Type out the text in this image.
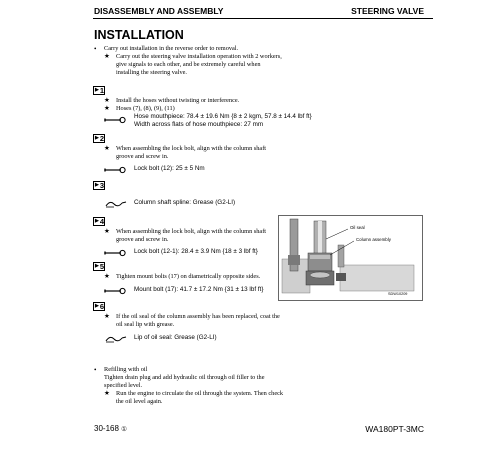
DISASSEMBLY AND ASSEMBLY	STEERING VALVE
INSTALLATION
• Carry out installation in the reverse order to removal.
★ Carry out the steering valve installation operation with 2 workers,
give signals to each other, and be extremely careful when
installing the steering valve.
▶ 1
★ Install the hoses without twisting or interference.
★ Hoses (7), (8), (9), (11)
Hose mouthpiece: 78.4 ± 19.6 Nm {8 ± 2 kgm, 57.8 ± 14.4 lbf ft}
Width across flats of hose mouthpiece: 27 mm
▶ 2
★ When assembling the lock bolt, align with the column shaft
groove and screw in.
Lock bolt (12): 25 ± 5 Nm
▶ 3
Column shaft spline: Grease (G2-LI)
▶ 4
★ When assembling the lock bolt, align with the column shaft
groove and screw in.
Lock bolt (12-1): 28.4 ± 3.9 Nm {18 ± 3 lbf ft}
▶ 5
★ Tighten mount bolts (17) on diametrically opposite sides.
Mount bolt (17): 41.7 ± 17.2 Nm {31 ± 13 lbf ft}
▶ 6
★ If the oil seal of the column assembly has been replaced, coat the
oil seal lip with grease.
Lip of oil seal: Grease (G2-LI)
• Refilling with oil
Tighten drain plug and add hydraulic oil through oil filler to the
specified level.
★ Run the engine to circulate the oil through the system. Then check
the oil level again.
Oil seal
Column assembly
SDW10209
30-168 ①	WA180PT-3MC
